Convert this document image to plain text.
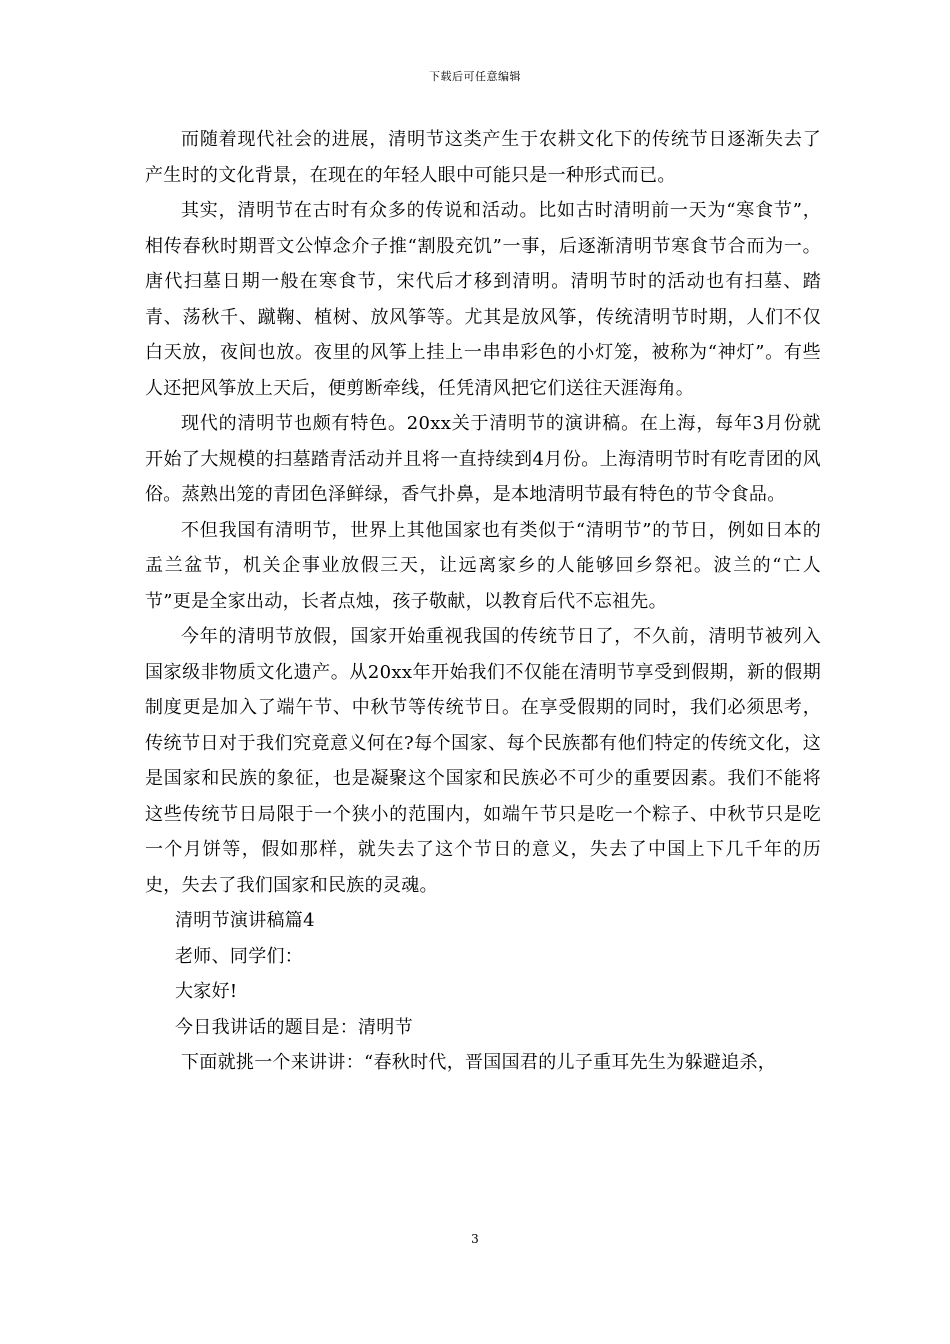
下载后可任意编辑

而随着现代社会的进展，清明节这类产生于农耕文化下的传统节日逐渐失去了产生时的文化背景，在现在的年轻人眼中可能只是一种形式而已。

其实，清明节在古时有众多的传说和活动。比如古时清明前一天为“寒食节”，相传春秋时期晋文公悼念介子推“割股充饥”一事，后逐渐清明节寒食节合而为一。唐代扫墓日期一般在寒食节，宋代后才移到清明。清明节时的活动也有扫墓、踏青、荡秋千、蹴鞠、植树、放风筝等。尤其是放风筝，传统清明节时期，人们不仅白天放，夜间也放。夜里的风筝上挂上一串串彩色的小灯笼，被称为“神灯”。有些人还把风筝放上天后，便剪断牵线，任凭清风把它们送往天涯海角。

现代的清明节也颇有特色。20xx关于清明节的演讲稿。在上海，每年3月份就开始了大规模的扫墓踏青活动并且将一直持续到4月份。上海清明节时有吃青团的风俗。蒸熟出笼的青团色泽鲜绿，香气扑鼻，是本地清明节最有特色的节令食品。

不但我国有清明节，世界上其他国家也有类似于“清明节”的节日，例如日本的盂兰盆节，机关企事业放假三天，让远离家乡的人能够回乡祭祀。波兰的“亡人节”更是全家出动，长者点烛，孩子敬献，以教育后代不忘祖先。

今年的清明节放假，国家开始重视我国的传统节日了，不久前，清明节被列入国家级非物质文化遗产。从20xx年开始我们不仅能在清明节享受到假期，新的假期制度更是加入了端午节、中秋节等传统节日。在享受假期的同时，我们必须思考，传统节日对于我们究竟意义何在?每个国家、每个民族都有他们特定的传统文化，这是国家和民族的象征，也是凝聚这个国家和民族必不可少的重要因素。我们不能将这些传统节日局限于一个狭小的范围内，如端午节只是吃一个粽子、中秋节只是吃一个月饼等，假如那样，就失去了这个节日的意义，失去了中国上下几千年的历史，失去了我们国家和民族的灵魂。

清明节演讲稿篇4

老师、同学们：

大家好!

今日我讲话的题目是：清明节

下面就挑一个来讲讲：“春秋时代，晋国国君的儿子重耳先生为躲避追杀，

3
